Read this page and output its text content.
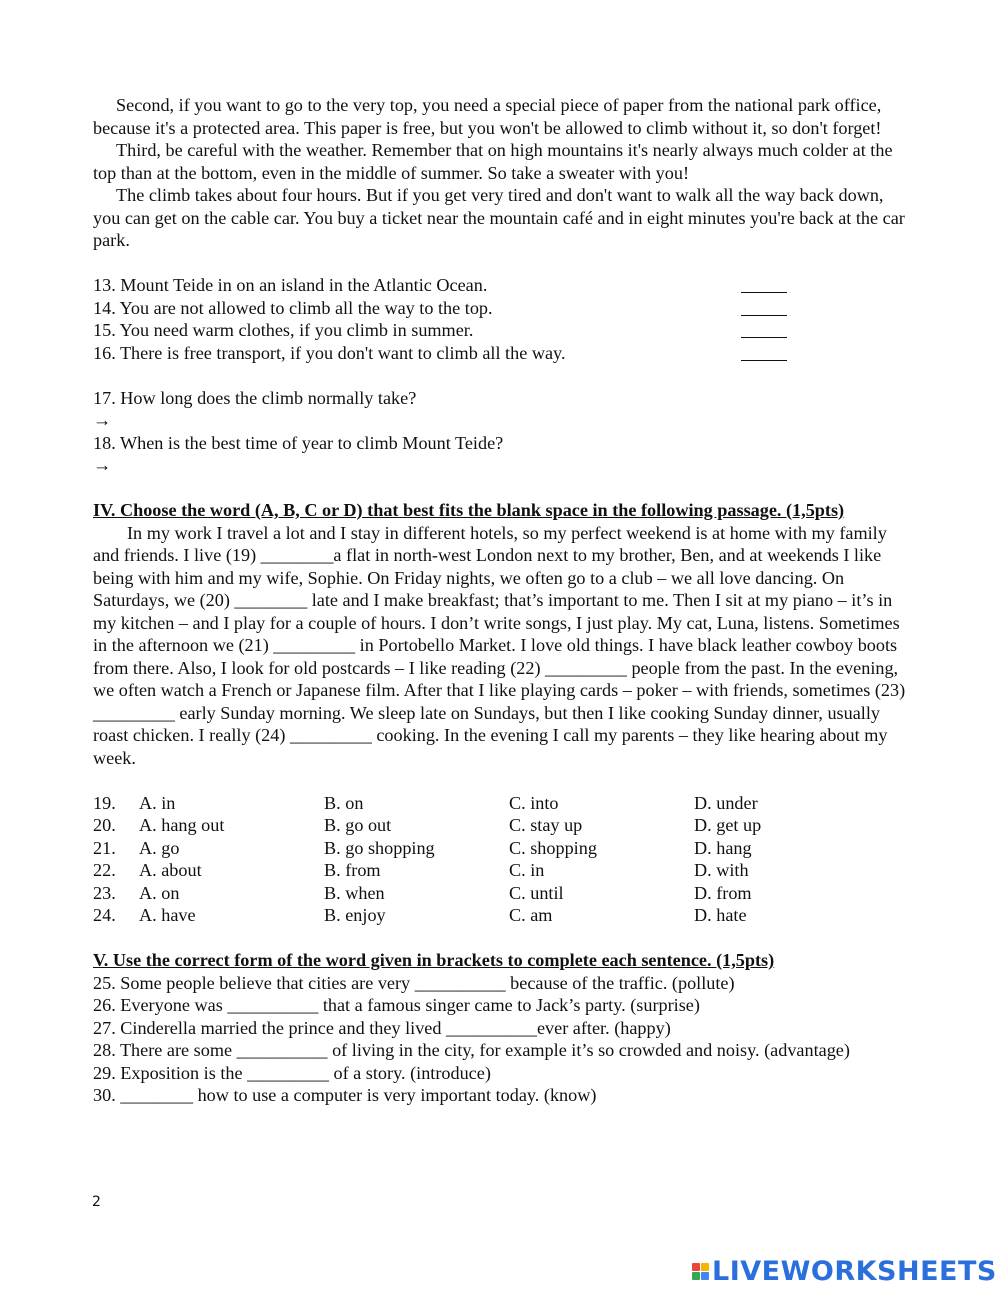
Second, if you want to go to the very top, you need a special piece of paper from the national park office, because it's a protected area. This paper is free, but you won't be allowed to climb without it, so don't forget!

Third, be careful with the weather. Remember that on high mountains it's nearly always much colder at the top than at the bottom, even in the middle of summer. So take a sweater with you!

The climb takes about four hours. But if you get very tired and don't want to walk all the way back down, you can get on the cable car. You buy a ticket near the mountain café and in eight minutes you're back at the car park.

13. Mount Teide in on an island in the Atlantic Ocean.
14. You are not allowed to climb all the way to the top.
15. You need warm clothes, if you climb in summer.
16. There is free transport, if you don't want to climb all the way.

17. How long does the climb normally take?

→

18. When is the best time of year to climb Mount Teide?

→

IV. Choose the word (A, B, C or D) that best fits the blank space in the following passage. (1,5pts)

In my work I travel a lot and I stay in different hotels, so my perfect weekend is at home with my family and friends. I live (19) ________a flat in north-west London next to my brother, Ben, and at weekends I like being with him and my wife, Sophie. On Friday nights, we often go to a club – we all love dancing. On Saturdays, we (20) ________ late and I make breakfast; that’s important to me. Then I sit at my piano – it’s in my kitchen – and I play for a couple of hours. I don’t write songs, I just play. My cat, Luna, listens. Sometimes in the afternoon we (21) _________ in Portobello Market. I love old things. I have black leather cowboy boots from there. Also, I look for old postcards – I like reading (22) _________ people from the past. In the evening, we often watch a French or Japanese film. After that I like playing cards – poker – with friends, sometimes (23) _________ early Sunday morning. We sleep late on Sundays, but then I like cooking Sunday dinner, usually roast chicken. I really (24) _________ cooking. In the evening I call my parents – they like hearing about my week.

19.	A. in	B. on	C. into	D. under
20.	A. hang out	B. go out	C. stay up	D. get up
21.	A. go	B. go shopping	C. shopping	D. hang
22.	A. about	B. from	C. in	D. with
23.	A. on	B. when	C. until	D. from
24.	A. have	B. enjoy	C. am	D. hate

V. Use the correct form of the word given in brackets to complete each sentence. (1,5pts)

25. Some people believe that cities are very __________ because of the traffic. (pollute)

26. Everyone was __________ that a famous singer came to Jack’s party. (surprise)

27. Cinderella married the prince and they lived __________ever after. (happy)

28. There are some __________ of living in the city, for example it’s so crowded and noisy. (advantage)

29. Exposition is the _________ of a story. (introduce)

30. ________ how to use a computer is very important today. (know)

2
LIVEWORKSHEETS
